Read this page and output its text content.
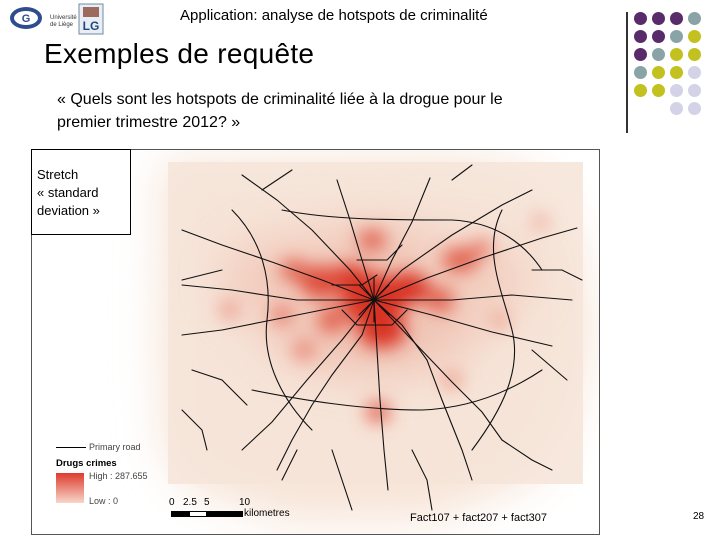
G	Université
de Liège LG
Application: analyse de hotspots de criminalité
Exemples de requête
« Quels sont les hotspots de criminalité liée à la drogue pour le
premier trimestre 2012? »
Stretch
« standard
deviation »
Primary road
Drugs crimes
High : 287.655
Low : 0	0 2.5 5	10
kilometres	Fact107 + fact207 + fact307	28
